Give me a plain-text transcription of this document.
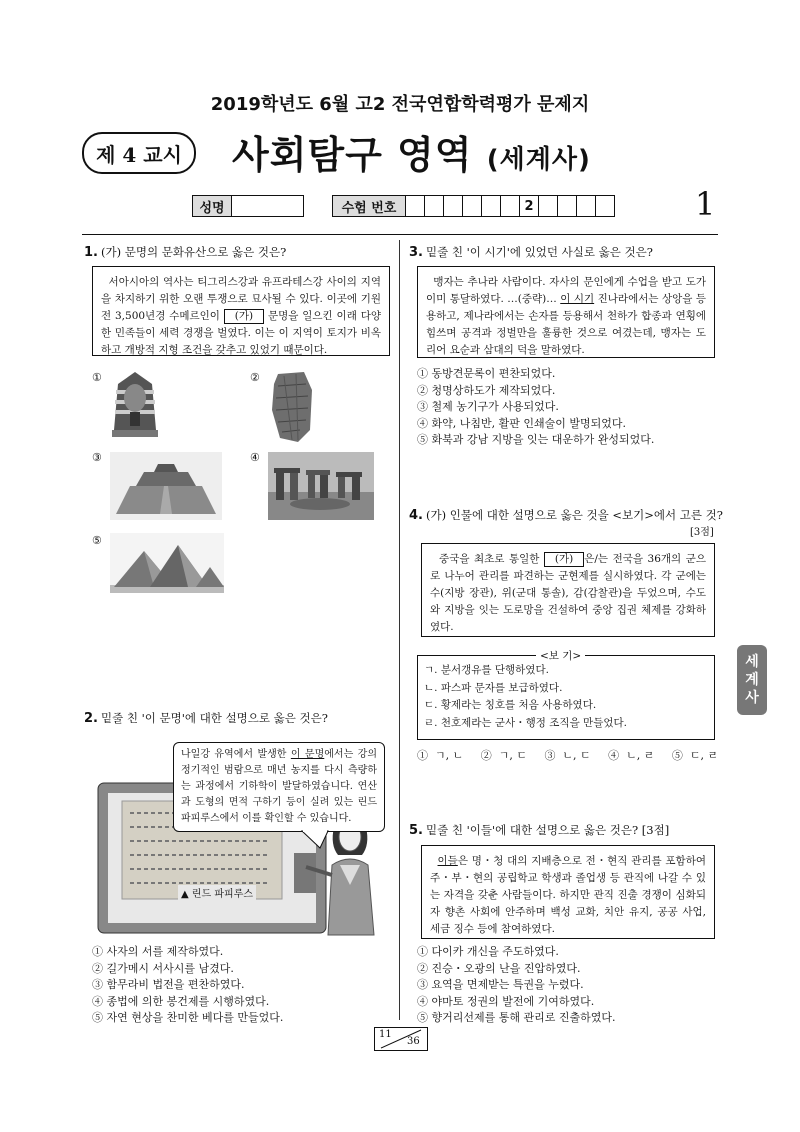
2019학년도 6월 고2 전국연합학력평가 문제지
제 4 교시	사회탐구 영역 (세계사)
성명	수험 번호	2	1
1. (가) 문명의 문화유산으로 옳은 것은?
서아시아의 역사는 티그리스강과 유프라테스강 사이의 지역을 차지하기 위한 오랜 투쟁으로 묘사될 수 있다. 이곳에 기원전 3,500년경 수메르인이 (가) 문명을 일으킨 이래 다양한 민족들이 세력 경쟁을 벌였다. 이는 이 지역이 토지가 비옥하고 개방적 지형 조건을 갖추고 있었기 때문이다.
①	②
③	④
⑤
2. 밑줄 친 '이 문명'에 대한 설명으로 옳은 것은?
나일강 유역에서 발생한 이 문명에서는 강의 정기적인 범람으로 매년 농지를 다시 측량하는 과정에서 기하학이 발달하였습니다. 연산과 도형의 면적 구하기 등이 실려 있는 린드 파피루스에서 이를 확인할 수 있습니다.
▲ 린드 파피루스
① 사자의 서를 제작하였다.
② 길가메시 서사시를 남겼다.
③ 함무라비 법전을 편찬하였다.
④ 종법에 의한 봉건제를 시행하였다.
⑤ 자연 현상을 찬미한 베다를 만들었다.
3. 밑줄 친 '이 시기'에 있었던 사실로 옳은 것은?
맹자는 추나라 사람이다. 자사의 문인에게 수업을 받고 도가 이미 통달하였다. …(중략)… 이 시기 진나라에서는 상앙을 등용하고, 제나라에서는 손자를 등용해서 천하가 합종과 연횡에 힘쓰며 공격과 정벌만을 훌륭한 것으로 여겼는데, 맹자는 도리어 요순과 삼대의 덕을 말하였다.
① 동방견문록이 편찬되었다.
② 청명상하도가 제작되었다.
③ 철제 농기구가 사용되었다.
④ 화약, 나침반, 활판 인쇄술이 발명되었다.
⑤ 화북과 강남 지방을 잇는 대운하가 완성되었다.
4. (가) 인물에 대한 설명으로 옳은 것을 <보기>에서 고른 것?
[3점]
중국을 최초로 통일한 (가) 은/는 전국을 36개의 군으로 나누어 관리를 파견하는 군현제를 실시하였다. 각 군에는 수(지방 장관), 위(군대 통솔), 감(감찰관)을 두었으며, 수도와 지방을 잇는 도로망을 건설하여 중앙 집권 체제를 강화하였다.
ㄱ. 분서갱유를 단행하였다.
ㄴ. 파스파 문자를 보급하였다.
ㄷ. 황제라는 칭호를 처음 사용하였다.
ㄹ. 천호제라는 군사・행정 조직을 만들었다.
<보 기>
①  ㄱ, ㄴ     ②  ㄱ, ㄷ     ③  ㄴ, ㄷ     ④  ㄴ, ㄹ     ⑤  ㄷ, ㄹ
5. 밑줄 친 '이들'에 대한 설명으로 옳은 것은? [3점]
이들은 명・청 대의 지배층으로 전・현직 관리를 포함하여 주・부・현의 공립학교 학생과 졸업생 등 관직에 나갈 수 있는 자격을 갖춘 사람들이다. 하지만 관직 진출 경쟁이 심화되자 향촌 사회에 안주하며 백성 교화, 치안 유지, 공공 사업, 세금 징수 등에 참여하였다.
① 다이카 개신을 주도하였다.
② 진승・오광의 난을 진압하였다.
③ 요역을 면제받는 특권을 누렸다.
④ 야마토 정권의 발전에 기여하였다.
⑤ 향거리선제를 통해 관리로 진출하였다.
세계사
11
36
